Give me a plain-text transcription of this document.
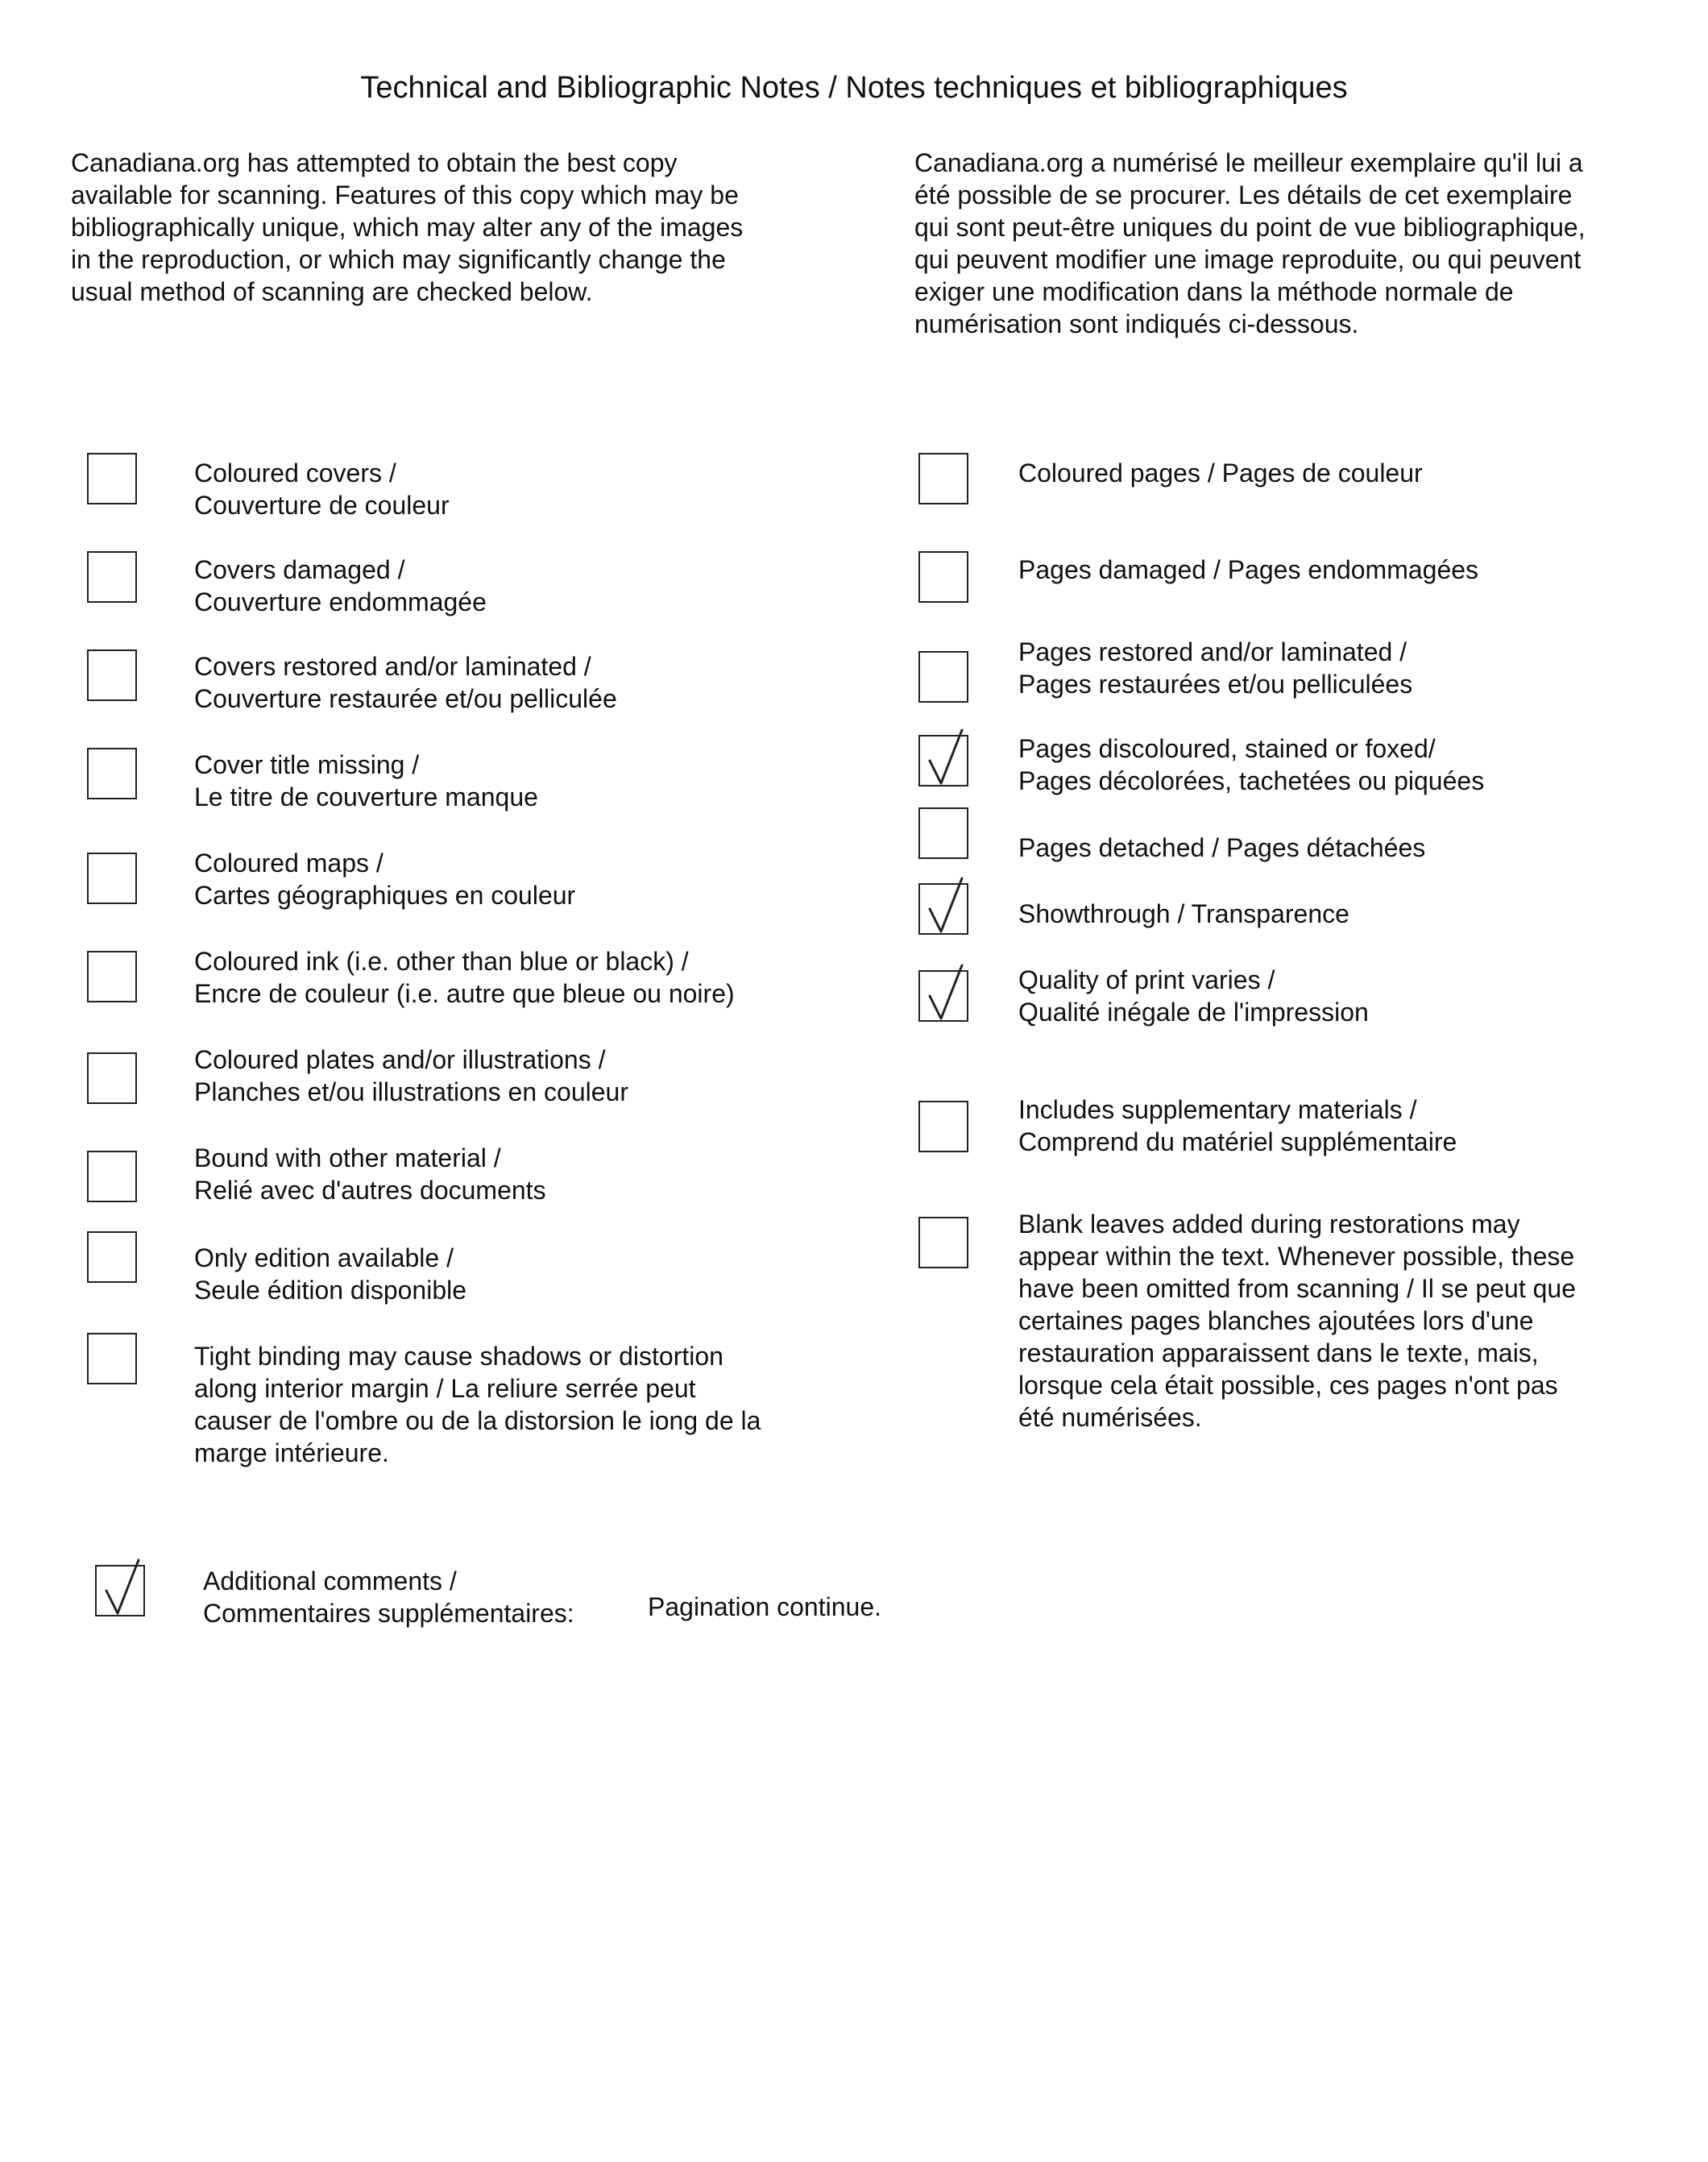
Technical and Bibliographic Notes / Notes techniques et bibliographiques
Canadiana.org has attempted to obtain the best copy
available for scanning. Features of this copy which may be
bibliographically unique, which may alter any of the images
in the reproduction, or which may significantly change the
usual method of scanning are checked below.
Canadiana.org a numérisé le meilleur exemplaire qu'il lui a
été possible de se procurer. Les détails de cet exemplaire
qui sont peut-être uniques du point de vue bibliographique,
qui peuvent modifier une image reproduite, ou qui peuvent
exiger une modification dans la méthode normale de
numérisation sont indiqués ci-dessous.
Coloured covers /
Couverture de couleur
Covers damaged /
Couverture endommagée
Covers restored and/or laminated /
Couverture restaurée et/ou pelliculée
Cover title missing /
Le titre de couverture manque
Coloured maps /
Cartes géographiques en couleur
Coloured ink (i.e. other than blue or black) /
Encre de couleur (i.e. autre que bleue ou noire)
Coloured plates and/or illustrations /
Planches et/ou illustrations en couleur
Bound with other material /
Relié avec d'autres documents
Only edition available /
Seule édition disponible
Tight binding may cause shadows or distortion
along interior margin / La reliure serrée peut
causer de l'ombre ou de la distorsion le iong de la
marge intérieure.
Coloured pages / Pages de couleur
Pages damaged / Pages endommagées
Pages restored and/or laminated /
Pages restaurées et/ou pelliculées
Pages discoloured, stained or foxed/
Pages décolorées, tachetées ou piquées
Pages detached / Pages détachées
Showthrough / Transparence
Quality of print varies /
Qualité inégale de l'impression
Includes supplementary materials /
Comprend du matériel supplémentaire
Blank leaves added during restorations may
appear within the text. Whenever possible, these
have been omitted from scanning / Il se peut que
certaines pages blanches ajoutées lors d'une
restauration apparaissent dans le texte, mais,
lorsque cela était possible, ces pages n'ont pas
été numérisées.
Additional comments /
Commentaires supplémentaires:	Pagination continue.
